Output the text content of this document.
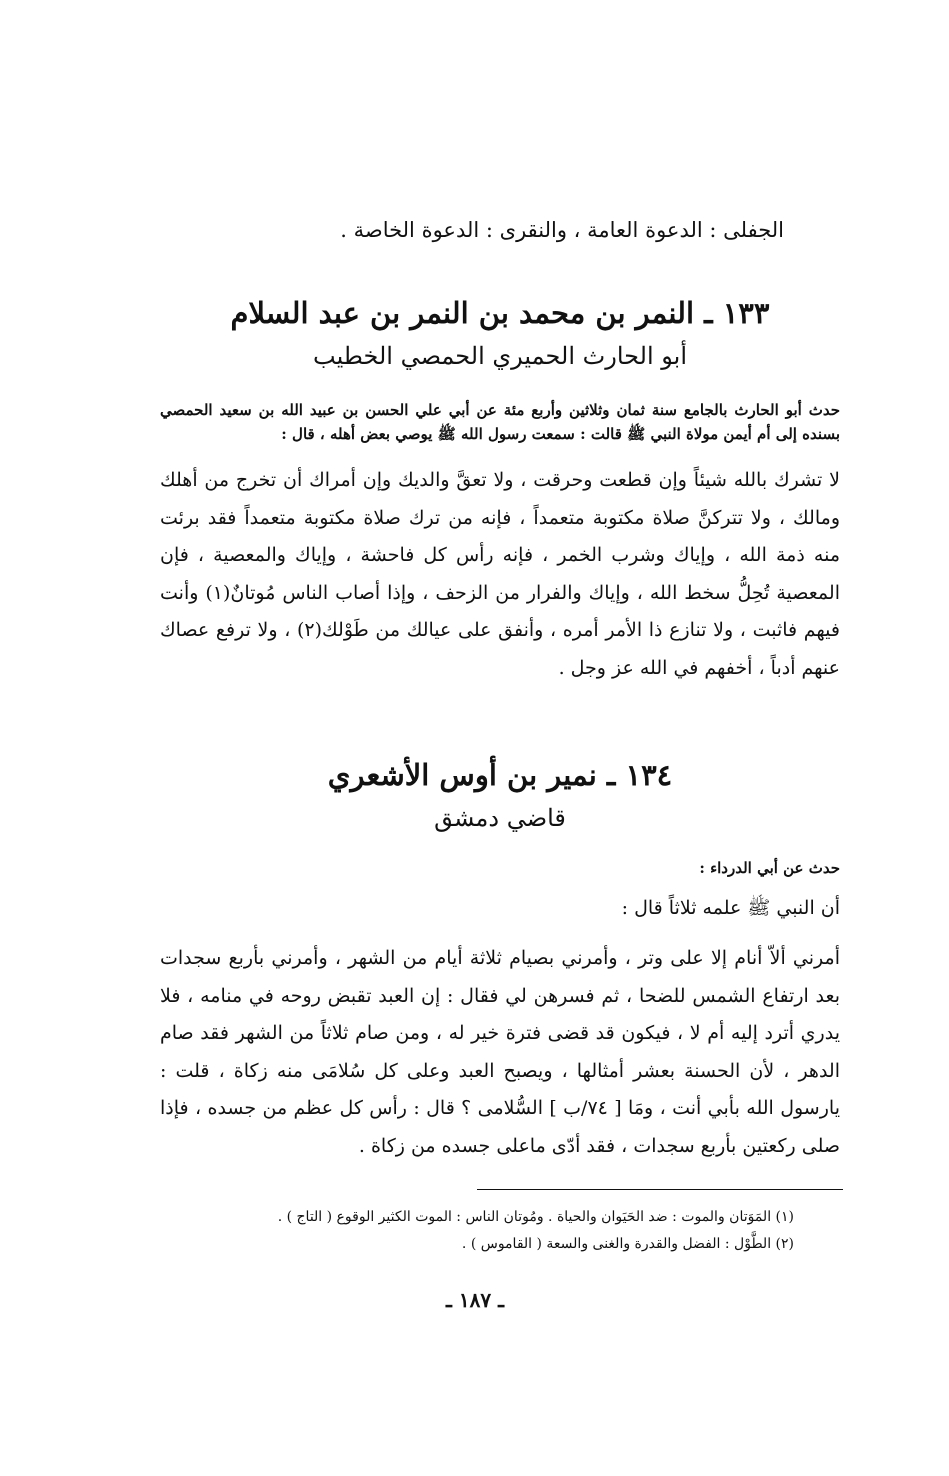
الجفلى : الدعوة العامة ، والنقرى : الدعوة الخاصة .
١٣٣ ـ النمر بن محمد بن النمر بن عبد السلام
أبو الحارث الحميري الحمصي الخطيب
حدث أبو الحارث بالجامع سنة ثمان وثلاثين وأربع مئة عن أبي علي الحسن بن عبيد الله بن سعيد الحمصي بسنده إلى أم أيمن مولاة النبي ﷺ قالت : سمعت رسول الله ﷺ يوصي بعض أهله ، قال :
لا تشرك بالله شيئاً وإن قطعت وحرقت ، ولا تعقَّ والديك وإن أمراك أن تخرج من أهلك ومالك ، ولا تتركنَّ صلاة مكتوبة متعمداً ، فإنه من ترك صلاة مكتوبة متعمداً فقد برئت منه ذمة الله ، وإياك وشرب الخمر ، فإنه رأس كل فاحشة ، وإياك والمعصية ، فإن المعصية تُحِلُّ سخط الله ، وإياك والفرار من الزحف ، وإذا أصاب الناس مُوتانٌ(١) وأنت فيهم فاثبت ، ولا تنازع ذا الأمر أمره ، وأنفق على عيالك من طَوْلك(٢) ، ولا ترفع عصاك عنهم أدباً ، أخفهم في الله عز وجل .
١٣٤ ـ نمير بن أوس الأشعري
قاضي دمشق
حدث عن أبي الدرداء :
أن النبي ﷺ علمه ثلاثاً قال :
أمرني ألاّ أنام إلا على وتر ، وأمرني بصيام ثلاثة أيام من الشهر ، وأمرني بأربع سجدات بعد ارتفاع الشمس للضحا ، ثم فسرهن لي فقال : إن العبد تقبض روحه في منامه ، فلا يدري أترد إليه أم لا ، فيكون قد قضى فترة خير له ، ومن صام ثلاثاً من الشهر فقد صام الدهر ، لأن الحسنة بعشر أمثالها ، ويصبح العبد وعلى كل سُلامَى منه زكاة ، قلت : يارسول الله بأبي أنت ، ومَا [ ٧٤/ب ] السُّلامى ؟ قال : رأس كل عظم من جسده ، فإذا صلى ركعتين بأربع سجدات ، فقد أدّى ماعلى جسده من زكاة .
(١) المَوَتان والموت : ضد الحَيَوان والحياة . ومُوتان الناس : الموت الكثير الوقوع ( التاج ) .
(٢) الطَّوْل : الفضل والقدرة والغنى والسعة ( القاموس ) .
ـ ١٨٧ ـ
